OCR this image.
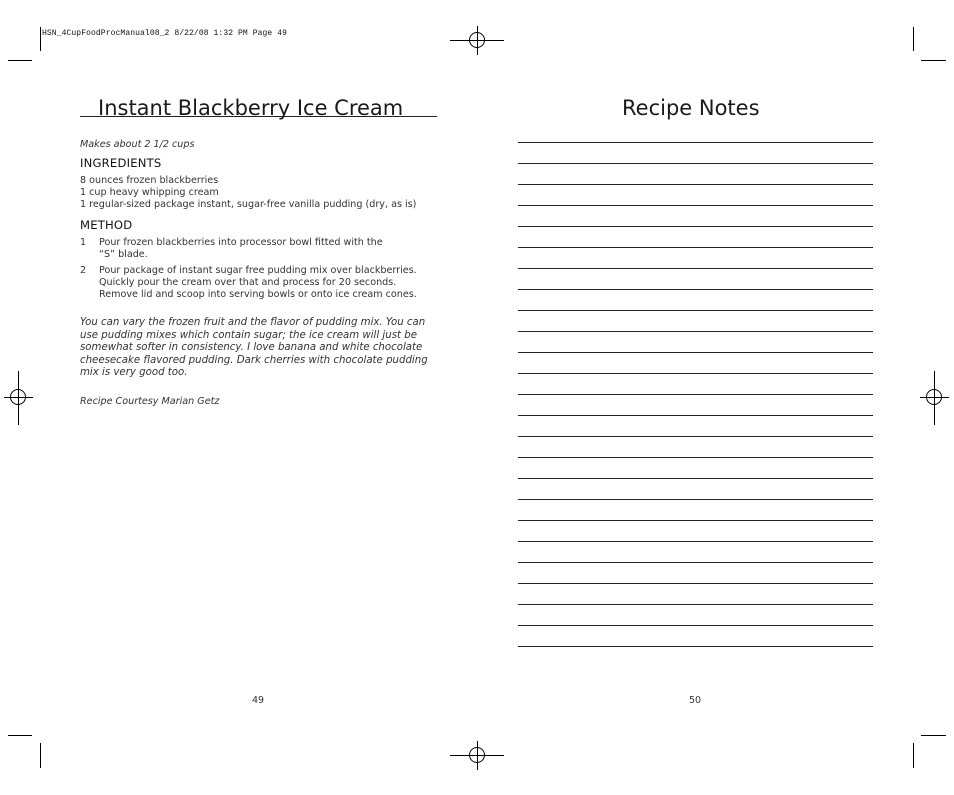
HSN_4CupFoodProcManual08_2 8/22/08 1:32 PM Page 49
Instant Blackberry Ice Cream
Makes about 2 1/2 cups
INGREDIENTS
8 ounces frozen blackberries
1 cup heavy whipping cream
1 regular-sized package instant, sugar-free vanilla pudding (dry, as is)
METHOD
1 Pour frozen blackberries into processor bowl fitted with the
“S” blade.
2 Pour package of instant sugar free pudding mix over blackberries.
Quickly pour the cream over that and process for 20 seconds.
Remove lid and scoop into serving bowls or onto ice cream cones.
You can vary the frozen fruit and the flavor of pudding mix. You can
use pudding mixes which contain sugar; the ice cream will just be
somewhat softer in consistency. I love banana and white chocolate
cheesecake flavored pudding. Dark cherries with chocolate pudding
mix is very good too.
Recipe Courtesy Marian Getz
49
Recipe Notes
50
